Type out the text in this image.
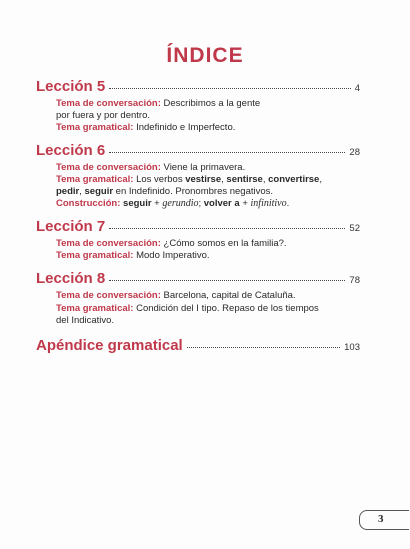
ÍNDICE
Lección 5	4
Tema de conversación: Describimos a la gente
por fuera y por dentro.
Tema gramatical: Indefinido e Imperfecto.
Lección 6	28
Tema de conversación: Viene la primavera.
Tema gramatical: Los verbos vestirse, sentirse, convertirse,
pedir, seguir en Indefinido. Pronombres negativos.
Construcción: seguir + gerundio; volver a + infinitivo.
Lección 7	52
Tema de conversación: ¿Cómo somos en la familia?.
Tema gramatical: Modo Imperativo.
Lección 8	78
Tema de conversación: Barcelona, capital de Cataluña.
Tema gramatical: Condición del I tipo. Repaso de los tiempos
del Indicativo.
Apéndice gramatical	103
3
